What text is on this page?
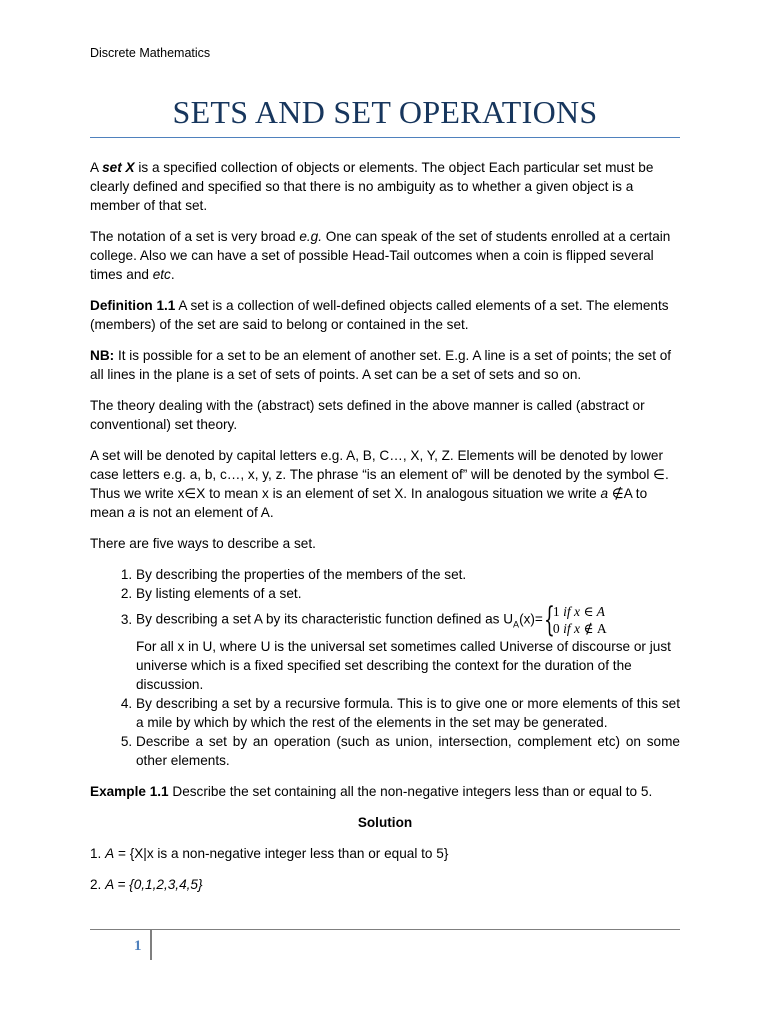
Discrete Mathematics
SETS AND SET OPERATIONS

A set X is a specified collection of objects or elements. The object Each particular set must be clearly defined and specified so that there is no ambiguity as to whether a given object is a member of that set.

The notation of a set is very broad e.g. One can speak of the set of students enrolled at a certain college. Also we can have a set of possible Head-Tail outcomes when a coin is flipped several times and etc.

Definition 1.1 A set is a collection of well-defined objects called elements of a set. The elements (members) of the set are said to belong or contained in the set.

NB: It is possible for a set to be an element of another set. E.g. A line is a set of points; the set of all lines in the plane is a set of sets of points. A set can be a set of sets and so on.

The theory dealing with the (abstract) sets defined in the above manner is called (abstract or conventional) set theory.

A set will be denoted by capital letters e.g. A, B, C…, X, Y, Z. Elements will be denoted by lower case letters e.g. a, b, c…, x, y, z. The phrase “is an element of” will be denoted by the symbol ∈. Thus we write x∈X to mean x is an element of set X. In analogous situation we write a ∉A to mean a is not an element of A.

There are five ways to describe a set.

1. By describing the properties of the members of the set.
2. By listing elements of a set.
3. By describing a set A by its characteristic function defined as $U_A(x)=$ {
1 if x ∈ A
0 if x ∉ A
For all x in U, where U is the universal set sometimes called Universe of discourse or just universe which is a fixed specified set describing the context for the duration of the discussion.
4. By describing a set by a recursive formula. This is to give one or more elements of this set a mile by which by which the rest of the elements in the set may be generated.
5. Describe a set by an operation (such as union, intersection, complement etc) on some other elements.

Example 1.1 Describe the set containing all the non-negative integers less than or equal to 5.

Solution

1. A = {X|x is a non-negative integer less than or equal to 5}

2. A = {0,1,2,3,4,5}

1
